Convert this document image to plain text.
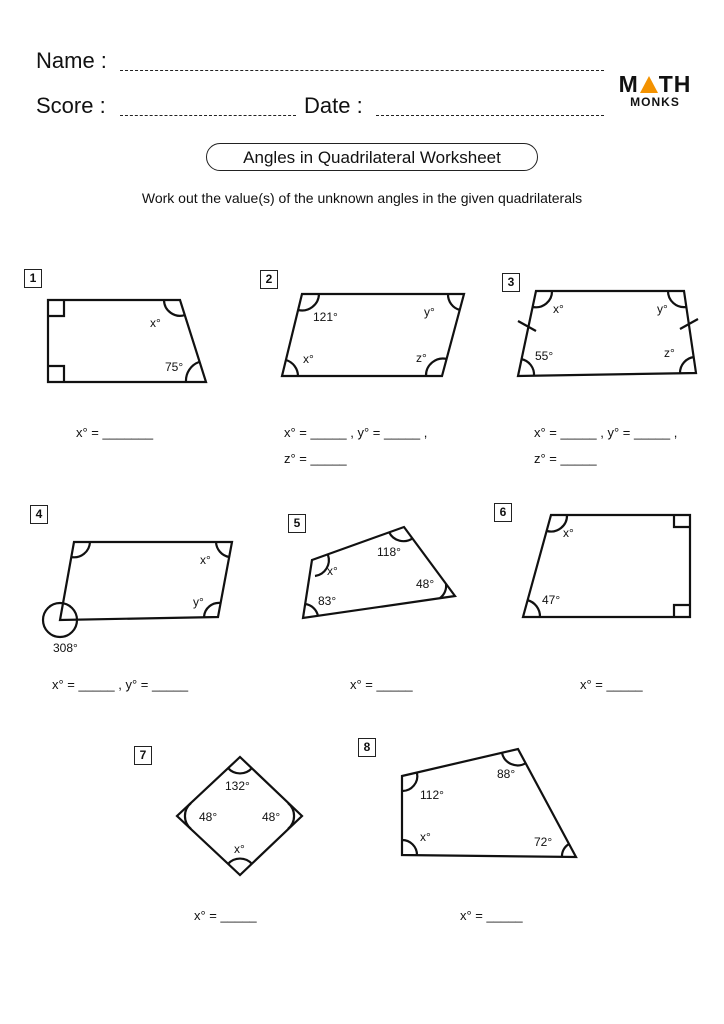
Name :
Score :	Date :
M TH
MONKS
Angles in Quadrilateral Worksheet
Work out the value(s) of the unknown angles in the given quadrilaterals
1	2	3
4
5
6
7
8
x°
75°
121°	y°
x°	z°
x°	y°
55°	z°
x°
y°
308°
118°
x°
48°
83°
x°
47°
132°
48°	48°
x°
88°
112°
x°	72°
x° = _______	x° = _____ , y° = _____ ,
z° = _____
x° = _____ , y° = _____ ,
z° = _____
x° = _____ , y° = _____	x° = _____	x° = _____
x° = _____	x° = _____
